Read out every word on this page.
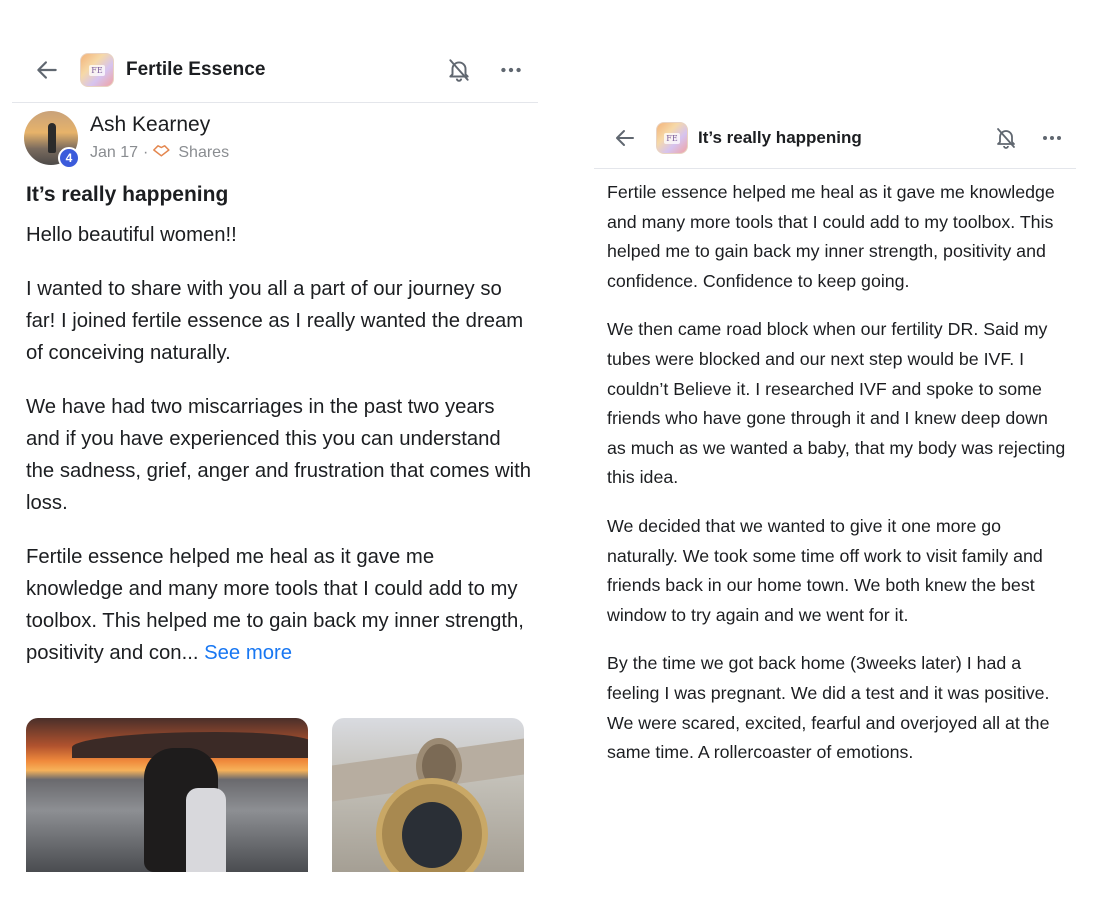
FE Fertile Essence
4
Ash Kearney
Jan 17 · Shares
It’s really happening

Hello beautiful women!!

I wanted to share with you all a part of our journey so far! I joined fertile essence as I really wanted the dream of conceiving naturally.

We have had two miscarriages in the past two years and if you have experienced this you can understand the sadness, grief, anger and frustration that comes with loss.

Fertile essence helped me heal as it gave me knowledge and many more tools that I could add to my toolbox. This helped me to gain back my inner strength, positivity and con... See more

FE It’s really happening

Fertile essence helped me heal as it gave me knowledge and many more tools that I could add to my toolbox. This helped me to gain back my inner strength, positivity and confidence. Confidence to keep going.

We then came road block when our fertility DR. Said my tubes were blocked and our next step would be IVF. I couldn’t Believe it. I researched IVF and spoke to some friends who have gone through it and I knew deep down as much as we wanted a baby, that my body was rejecting this idea.

We decided that we wanted to give it one more go naturally. We took some time off work to visit family and friends back in our home town. We both knew the best window to try again and we went for it.

By the time we got back home (3weeks later) I had a feeling I was pregnant. We did a test and it was positive. We were scared, excited, fearful and overjoyed all at the same time. A rollercoaster of emotions.
